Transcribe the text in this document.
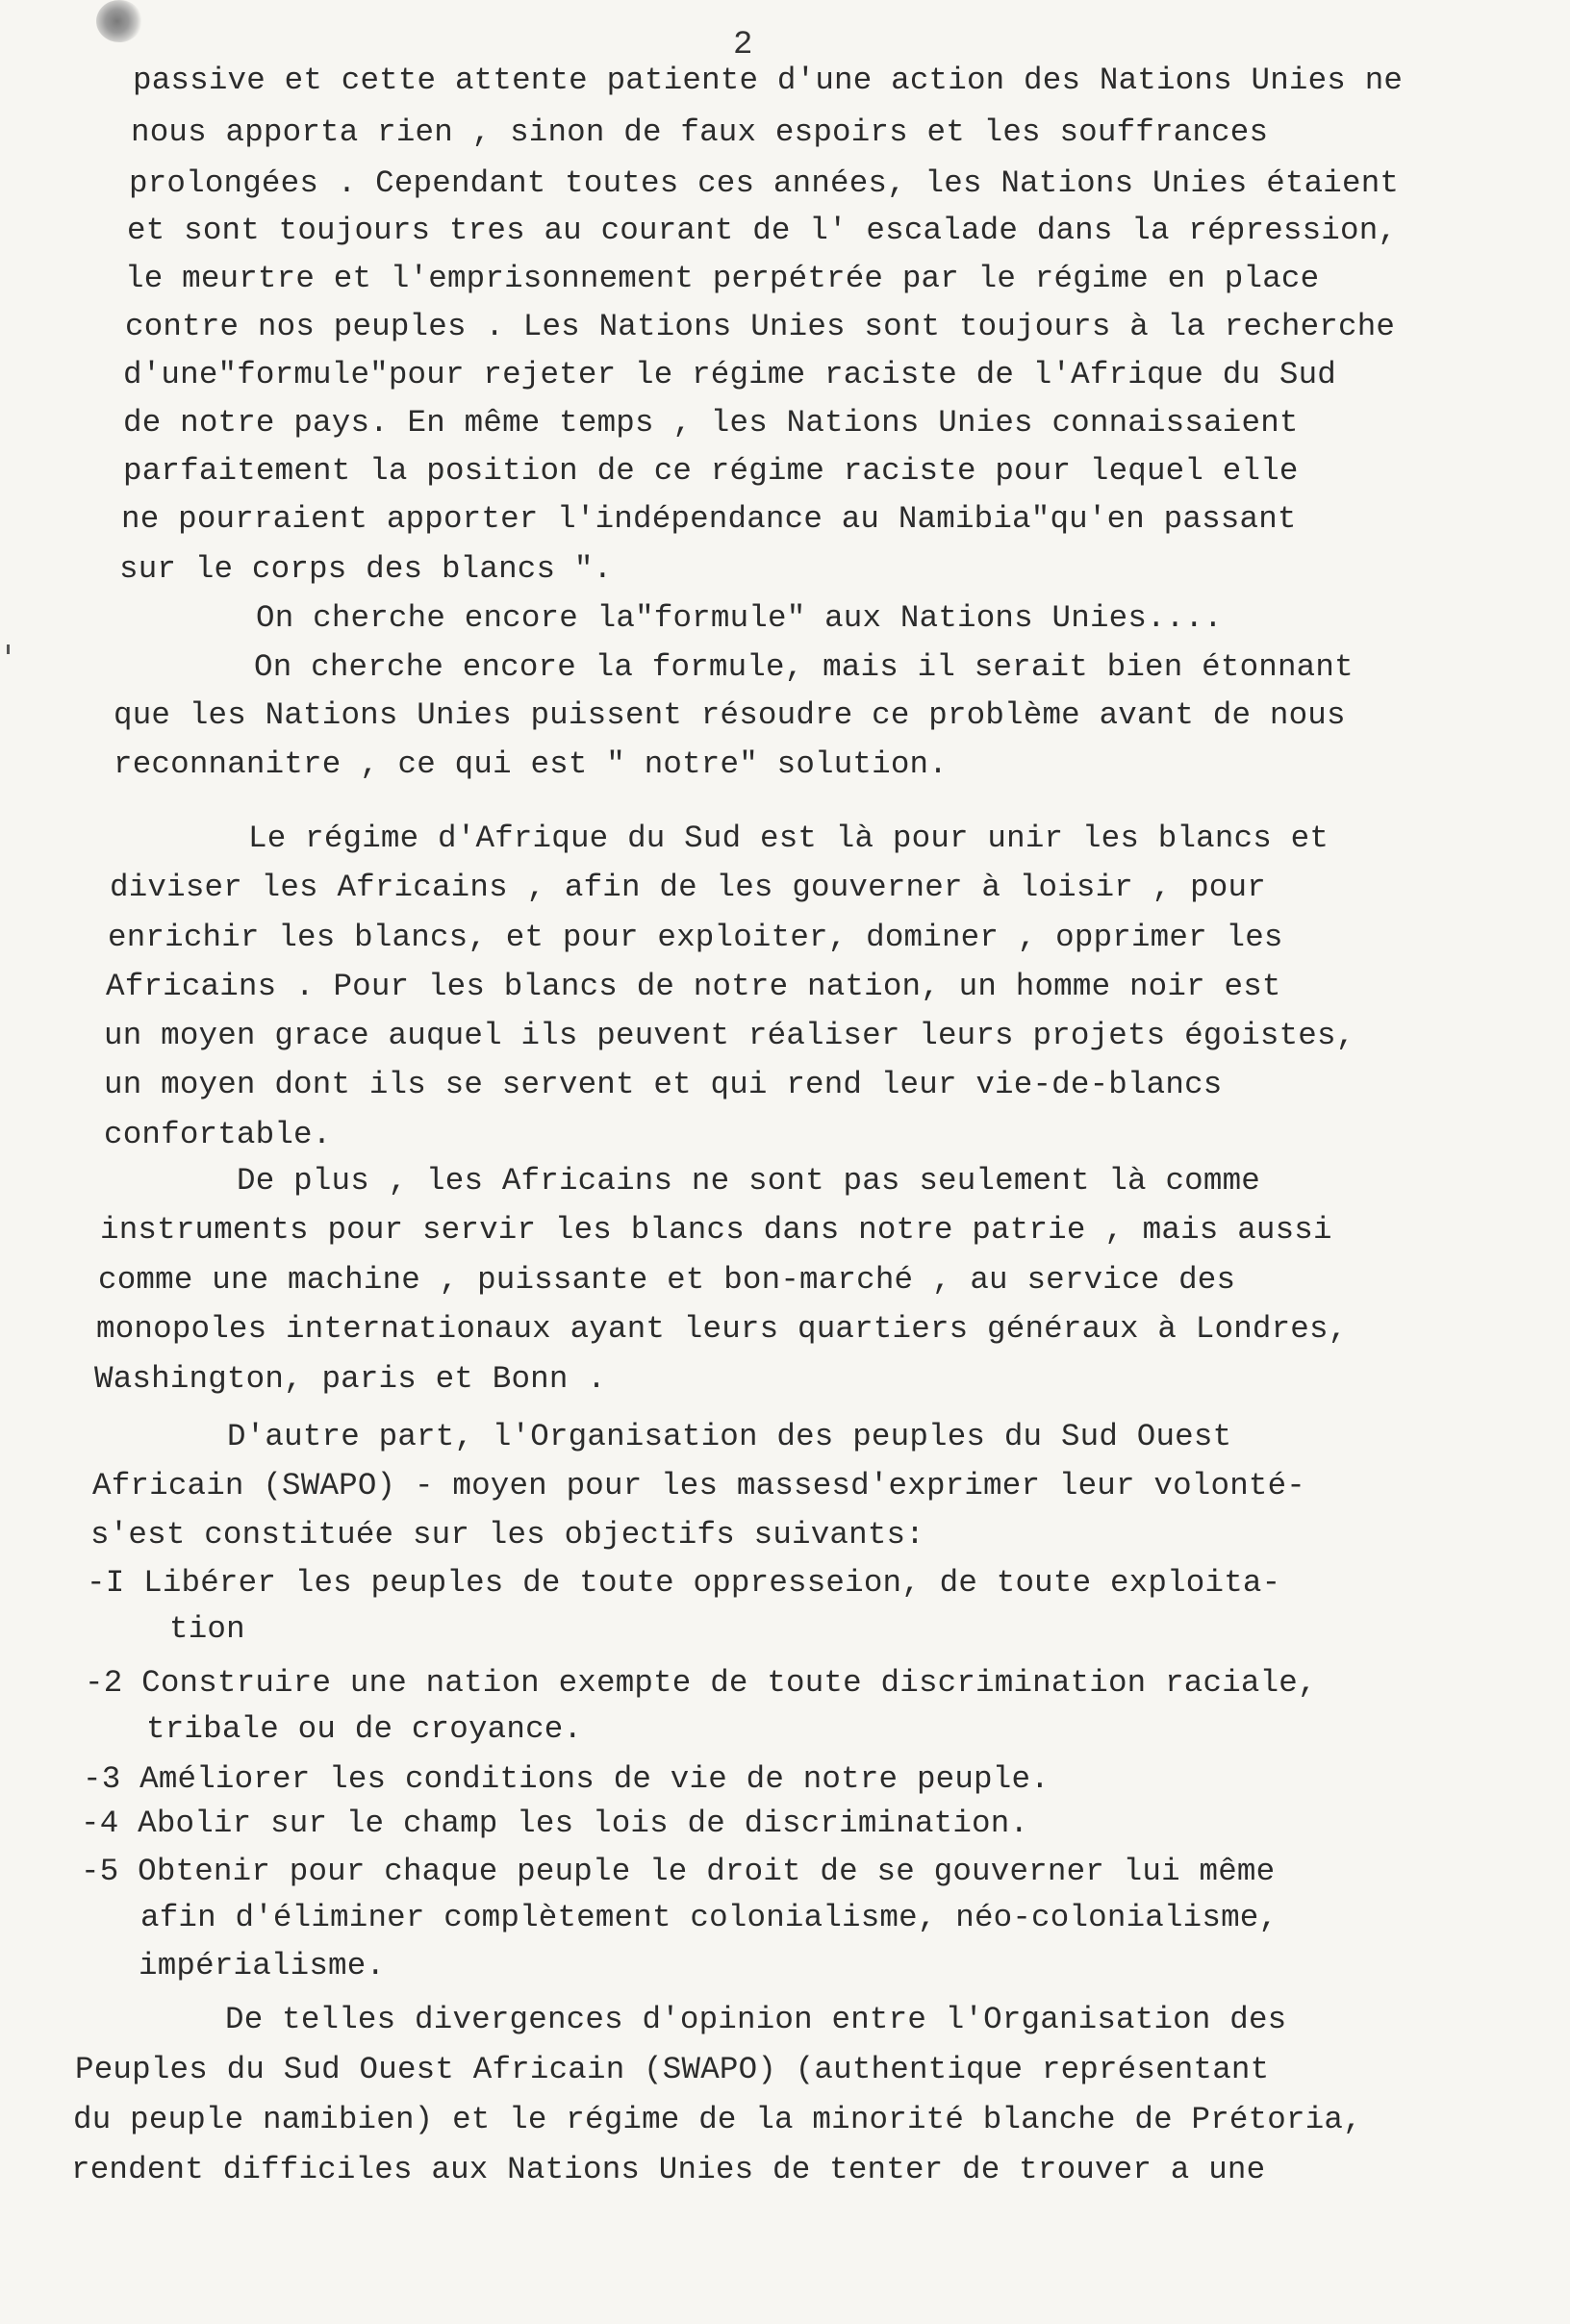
2
passive et cette attente patiente d'une action des Nations Unies ne
nous apporta rien , sinon de faux espoirs et les souffrances
prolongées . Cependant toutes ces années, les Nations Unies étaient
et sont toujours tres au courant de l' escalade dans la répression,
le meurtre et l'emprisonnement perpétrée par le régime en place
contre nos peuples . Les Nations Unies sont toujours à la recherche
d'une"formule"pour rejeter le régime raciste de l'Afrique du Sud
de notre pays. En même temps , les Nations Unies connaissaient
parfaitement la position de ce régime raciste pour lequel elle
ne pourraient apporter l'indépendance au Namibia"qu'en passant
sur le corps des blancs ".
On cherche encore la"formule" aux Nations Unies....
On cherche encore la formule, mais il serait bien étonnant
que les Nations Unies puissent résoudre ce problème avant de nous
reconnanitre , ce qui est " notre" solution.
Le régime d'Afrique du Sud est là pour unir les blancs et
diviser les Africains , afin de les gouverner à loisir , pour
enrichir les blancs, et pour exploiter, dominer , opprimer les
Africains . Pour les blancs de notre nation, un homme noir est
un moyen grace auquel ils peuvent réaliser leurs projets égoistes,
un moyen dont ils se servent et qui rend leur vie-de-blancs
confortable.
De plus , les Africains ne sont pas seulement là comme
instruments pour servir les blancs dans notre patrie , mais aussi
comme une machine , puissante et bon-marché , au service des
monopoles internationaux ayant leurs quartiers généraux à Londres,
Washington, paris et Bonn .
D'autre part, l'Organisation des peuples du Sud Ouest
Africain (SWAPO) - moyen pour les massesd'exprimer leur volonté-
s'est constituée sur les objectifs suivants:
-I Libérer les peuples de toute oppresseion, de toute exploita-
tion
-2 Construire une nation exempte de toute discrimination raciale,
tribale ou de croyance.
-3 Améliorer les conditions de vie de notre peuple.
-4 Abolir sur le champ les lois de discrimination.
-5 Obtenir pour chaque peuple le droit de se gouverner lui même
afin d'éliminer complètement colonialisme, néo-colonialisme,
impérialisme.
De telles divergences d'opinion entre l'Organisation des
Peuples du Sud Ouest Africain (SWAPO) (authentique représentant
du peuple namibien) et le régime de la minorité blanche de Prétoria,
rendent difficiles aux Nations Unies de tenter de trouver a une
